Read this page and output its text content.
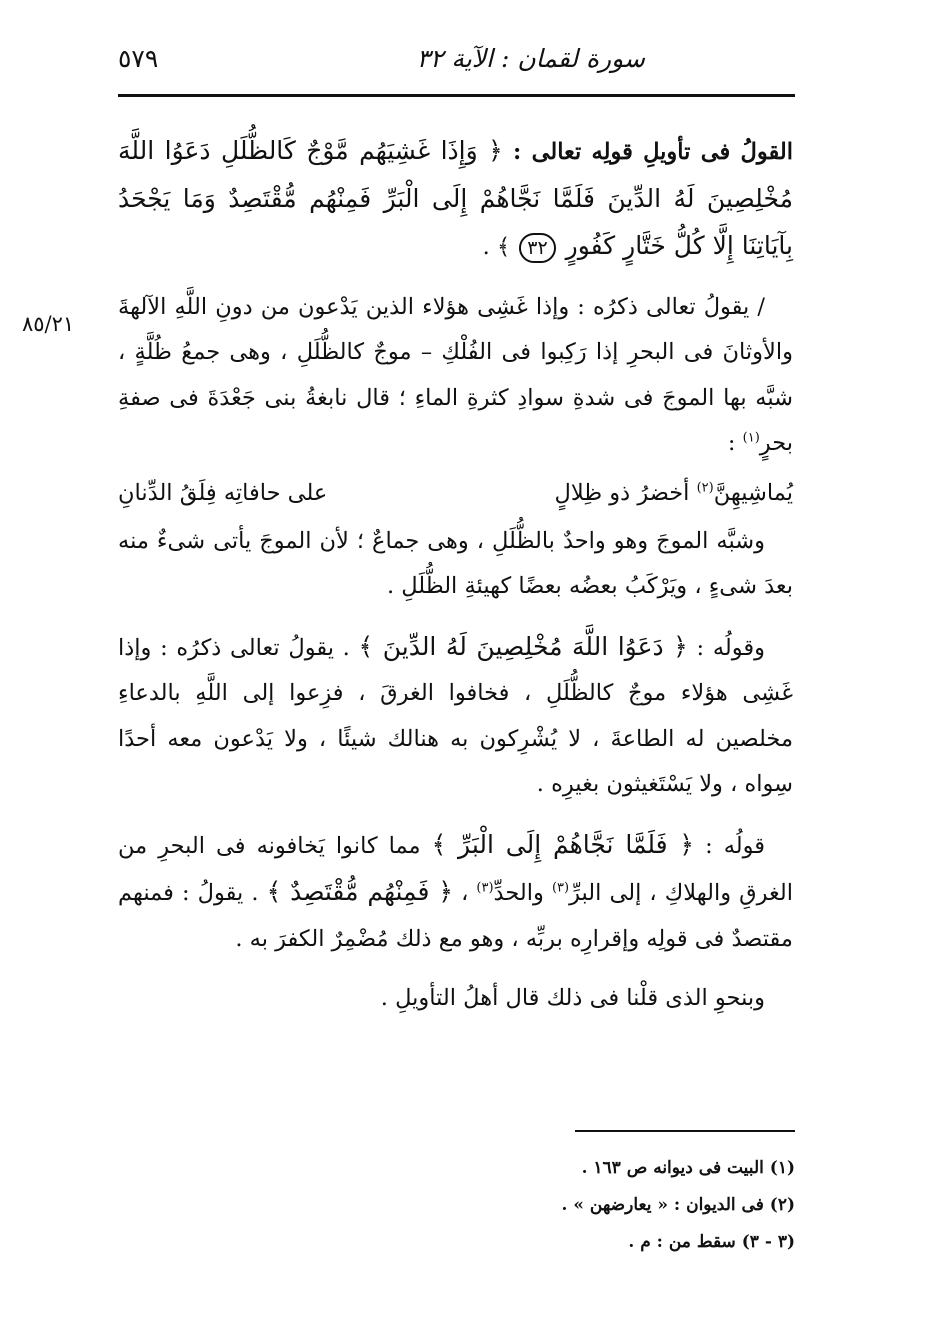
سورة لقمان : الآية ٣٢
٥٧٩
٨٥/٢١

القولُ فى تأويلِ قولِه تعالى : ﴿ وَإِذَا غَشِيَهُم مَّوْجٌ كَالظُّلَلِ دَعَوُا اللَّهَ مُخْلِصِينَ لَهُ الدِّينَ فَلَمَّا نَجَّاهُمْ إِلَى الْبَرِّ فَمِنْهُم مُّقْتَصِدٌ وَمَا يَجْحَدُ بِآيَاتِنَا إِلَّا كُلُّ خَتَّارٍ كَفُورٍ ٣٢ ﴾ .

/ يقولُ تعالى ذكرُه : وإذا غَشِى هؤلاء الذين يَدْعون من دونِ اللَّهِ الآلهةَ والأوثانَ فى البحرِ إذا رَكِبوا فى الفُلْكِ – موجٌ كالظُّلَلِ ، وهى جمعُ ظُلَّةٍ ، شبَّه بها الموجَ فى شدةِ سوادِ كثرةِ الماءِ ؛ قال نابغةُ بنى جَعْدَةَ فى صفةِ بحرٍ$^{(١)}$ :

يُماشِيهِنَّ$^{(٢)}$ أخضرُ ذو ظِلالٍ
على حافاتِه فِلَقُ الدِّنانِ

وشبَّه الموجَ وهو واحدٌ بالظُّلَلِ ، وهى جماعٌ ؛ لأن الموجَ يأتى شىءٌ منه بعدَ شىءٍ ، ويَرْكَبُ بعضُه بعضًا كهيئةِ الظُّلَلِ .

وقولُه : ﴿ دَعَوُا اللَّهَ مُخْلِصِينَ لَهُ الدِّينَ ﴾ . يقولُ تعالى ذكرُه : وإذا غَشِى هؤلاء موجٌ كالظُّلَلِ ، فخافوا الغرقَ ، فزِعوا إلى اللَّهِ بالدعاءِ مخلصين له الطاعةَ ، لا يُشْرِكون به هنالك شيئًا ، ولا يَدْعون معه أحدًا سِواه ، ولا يَسْتَغيثون بغيرِه .

قولُه : ﴿ فَلَمَّا نَجَّاهُمْ إِلَى الْبَرِّ ﴾ مما كانوا يَخافونه فى البحرِ من الغرقِ والهلاكِ ، إلى البرِّ$^{(٣)}$ والحدِّ$^{(٣)}$ ، ﴿ فَمِنْهُم مُّقْتَصِدٌ ﴾ . يقولُ : فمنهم مقتصدٌ فى قولِه وإقرارِه بربِّه ، وهو مع ذلك مُضْمِرٌ الكفرَ به .

وبنحوِ الذى قلْنا فى ذلك قال أهلُ التأويلِ .

(١) البيت فى ديوانه ص ١٦٣ .

(٢) فى الديوان : « يعارضهن » .

(٣ - ٣) سقط من : م .
